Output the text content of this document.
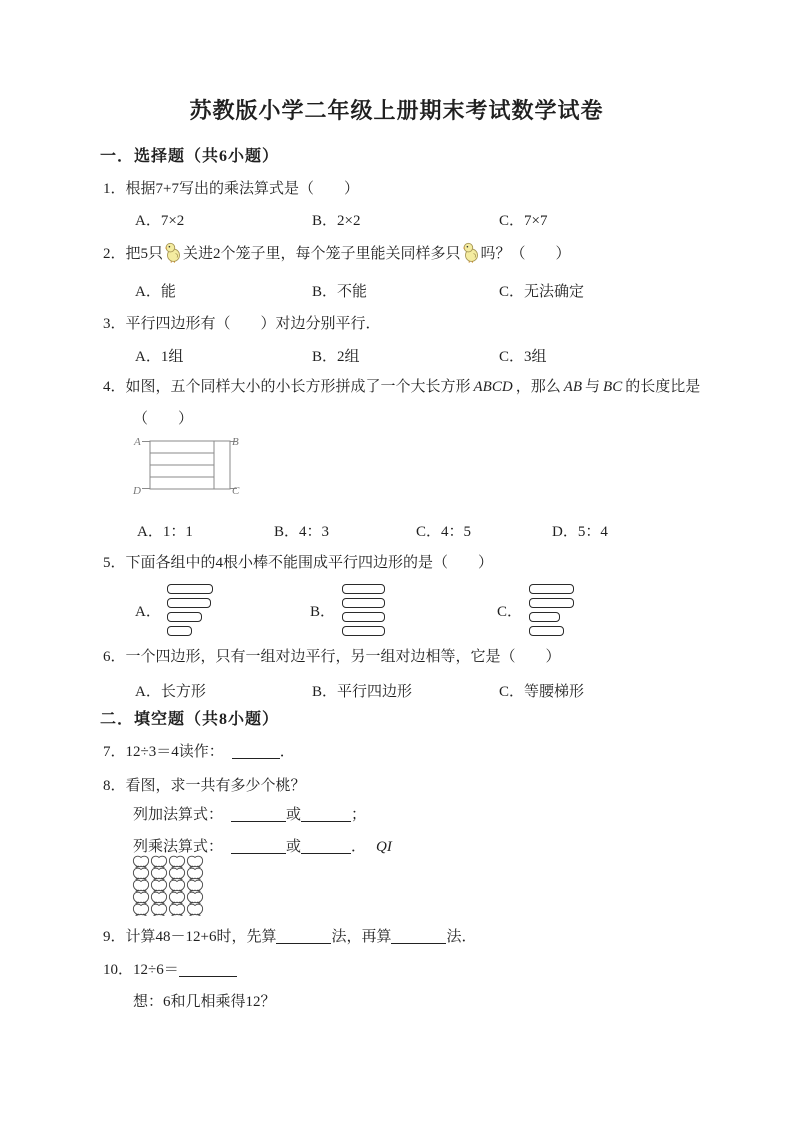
苏教版小学二年级上册期末考试数学试卷
一．选择题（共6小题）
1．根据7+7写出的乘法算式是（　　）
A．7×2	B．2×2	C．7×7
2．把5只 关进2个笼子里，每个笼子里能关同样多只 吗？（　　）
A．能	B．不能	C．无法确定
3．平行四边形有（　　）对边分别平行．
A．1组	B．2组	C．3组
4．如图，五个同样大小的小长方形拼成了一个大长方形 ABCD ，那么 AB 与 BC 的长度比是
（　　）
A	B
C
D
A．1：1	B．4：3	C．4：5	D．5：4
5．下面各组中的4根小棒不能围成平行四边形的是（　　）
A．	B．	C．
6．一个四边形，只有一组对边平行，另一组对边相等，它是（　　）
A．长方形	B．平行四边形	C．等腰梯形
二．填空题（共8小题）
7．12÷3＝4读作：	．
8．看图，求一共有多少个桃？
列加法算式：	或	；
列乘法算式：	或	． QI
9．计算48－12+6时，先算	法，再算	法．
10．12÷6＝
想：6和几相乘得12？
